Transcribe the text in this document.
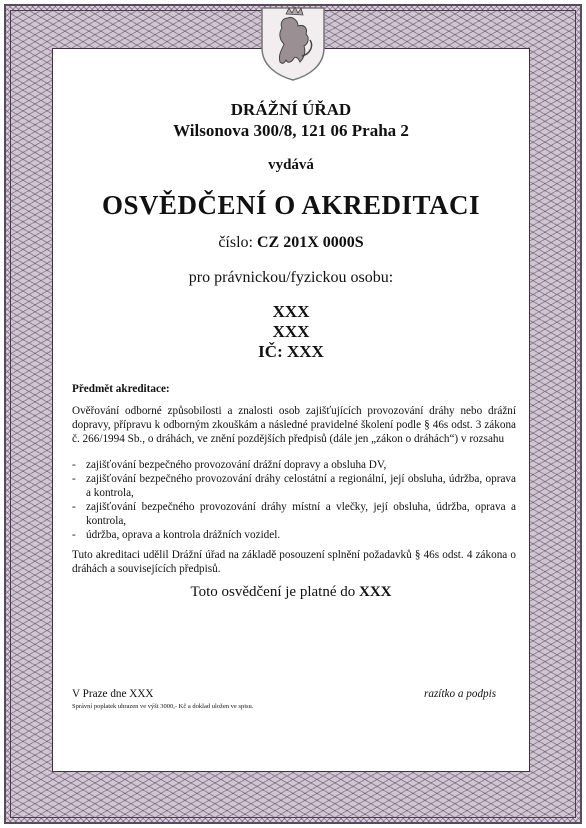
DRÁŽNÍ ÚŘAD
Wilsonova 300/8, 121 06 Praha 2
vydává
OSVĚDČENÍ O AKREDITACI
číslo: CZ 201X 0000S
pro právnickou/fyzickou osobu:
XXX
XXX
IČ: XXX
Předmět akreditace:
Ověřování odborné způsobilosti a znalosti osob zajišťujících provozování dráhy nebo drážní dopravy, přípravu k odborným zkouškám a následné pravidelné školení podle § 46s odst. 3 zákona č. 266/1994 Sb., o dráhách, ve znění pozdějších předpisů (dále jen „zákon o dráhách“) v rozsahu
- zajišťování bezpečného provozování drážní dopravy a obsluha DV,
- zajišťování bezpečného provozování dráhy celostátní a regionální, její obsluha, údržba, oprava a kontrola,
- zajišťování bezpečného provozování dráhy místní a vlečky, její obsluha, údržba, oprava a kontrola,
- údržba, oprava a kontrola drážních vozidel.
Tuto akreditaci udělil Drážní úřad na základě posouzení splnění požadavků § 46s odst. 4 zákona o dráhách a souvisejících předpisů.
Toto osvědčení je platné do XXX
V Praze dne XXX
Správní poplatek uhrazen ve výši 3000,- Kč a doklad uložen ve spisu.
razítko a podpis
